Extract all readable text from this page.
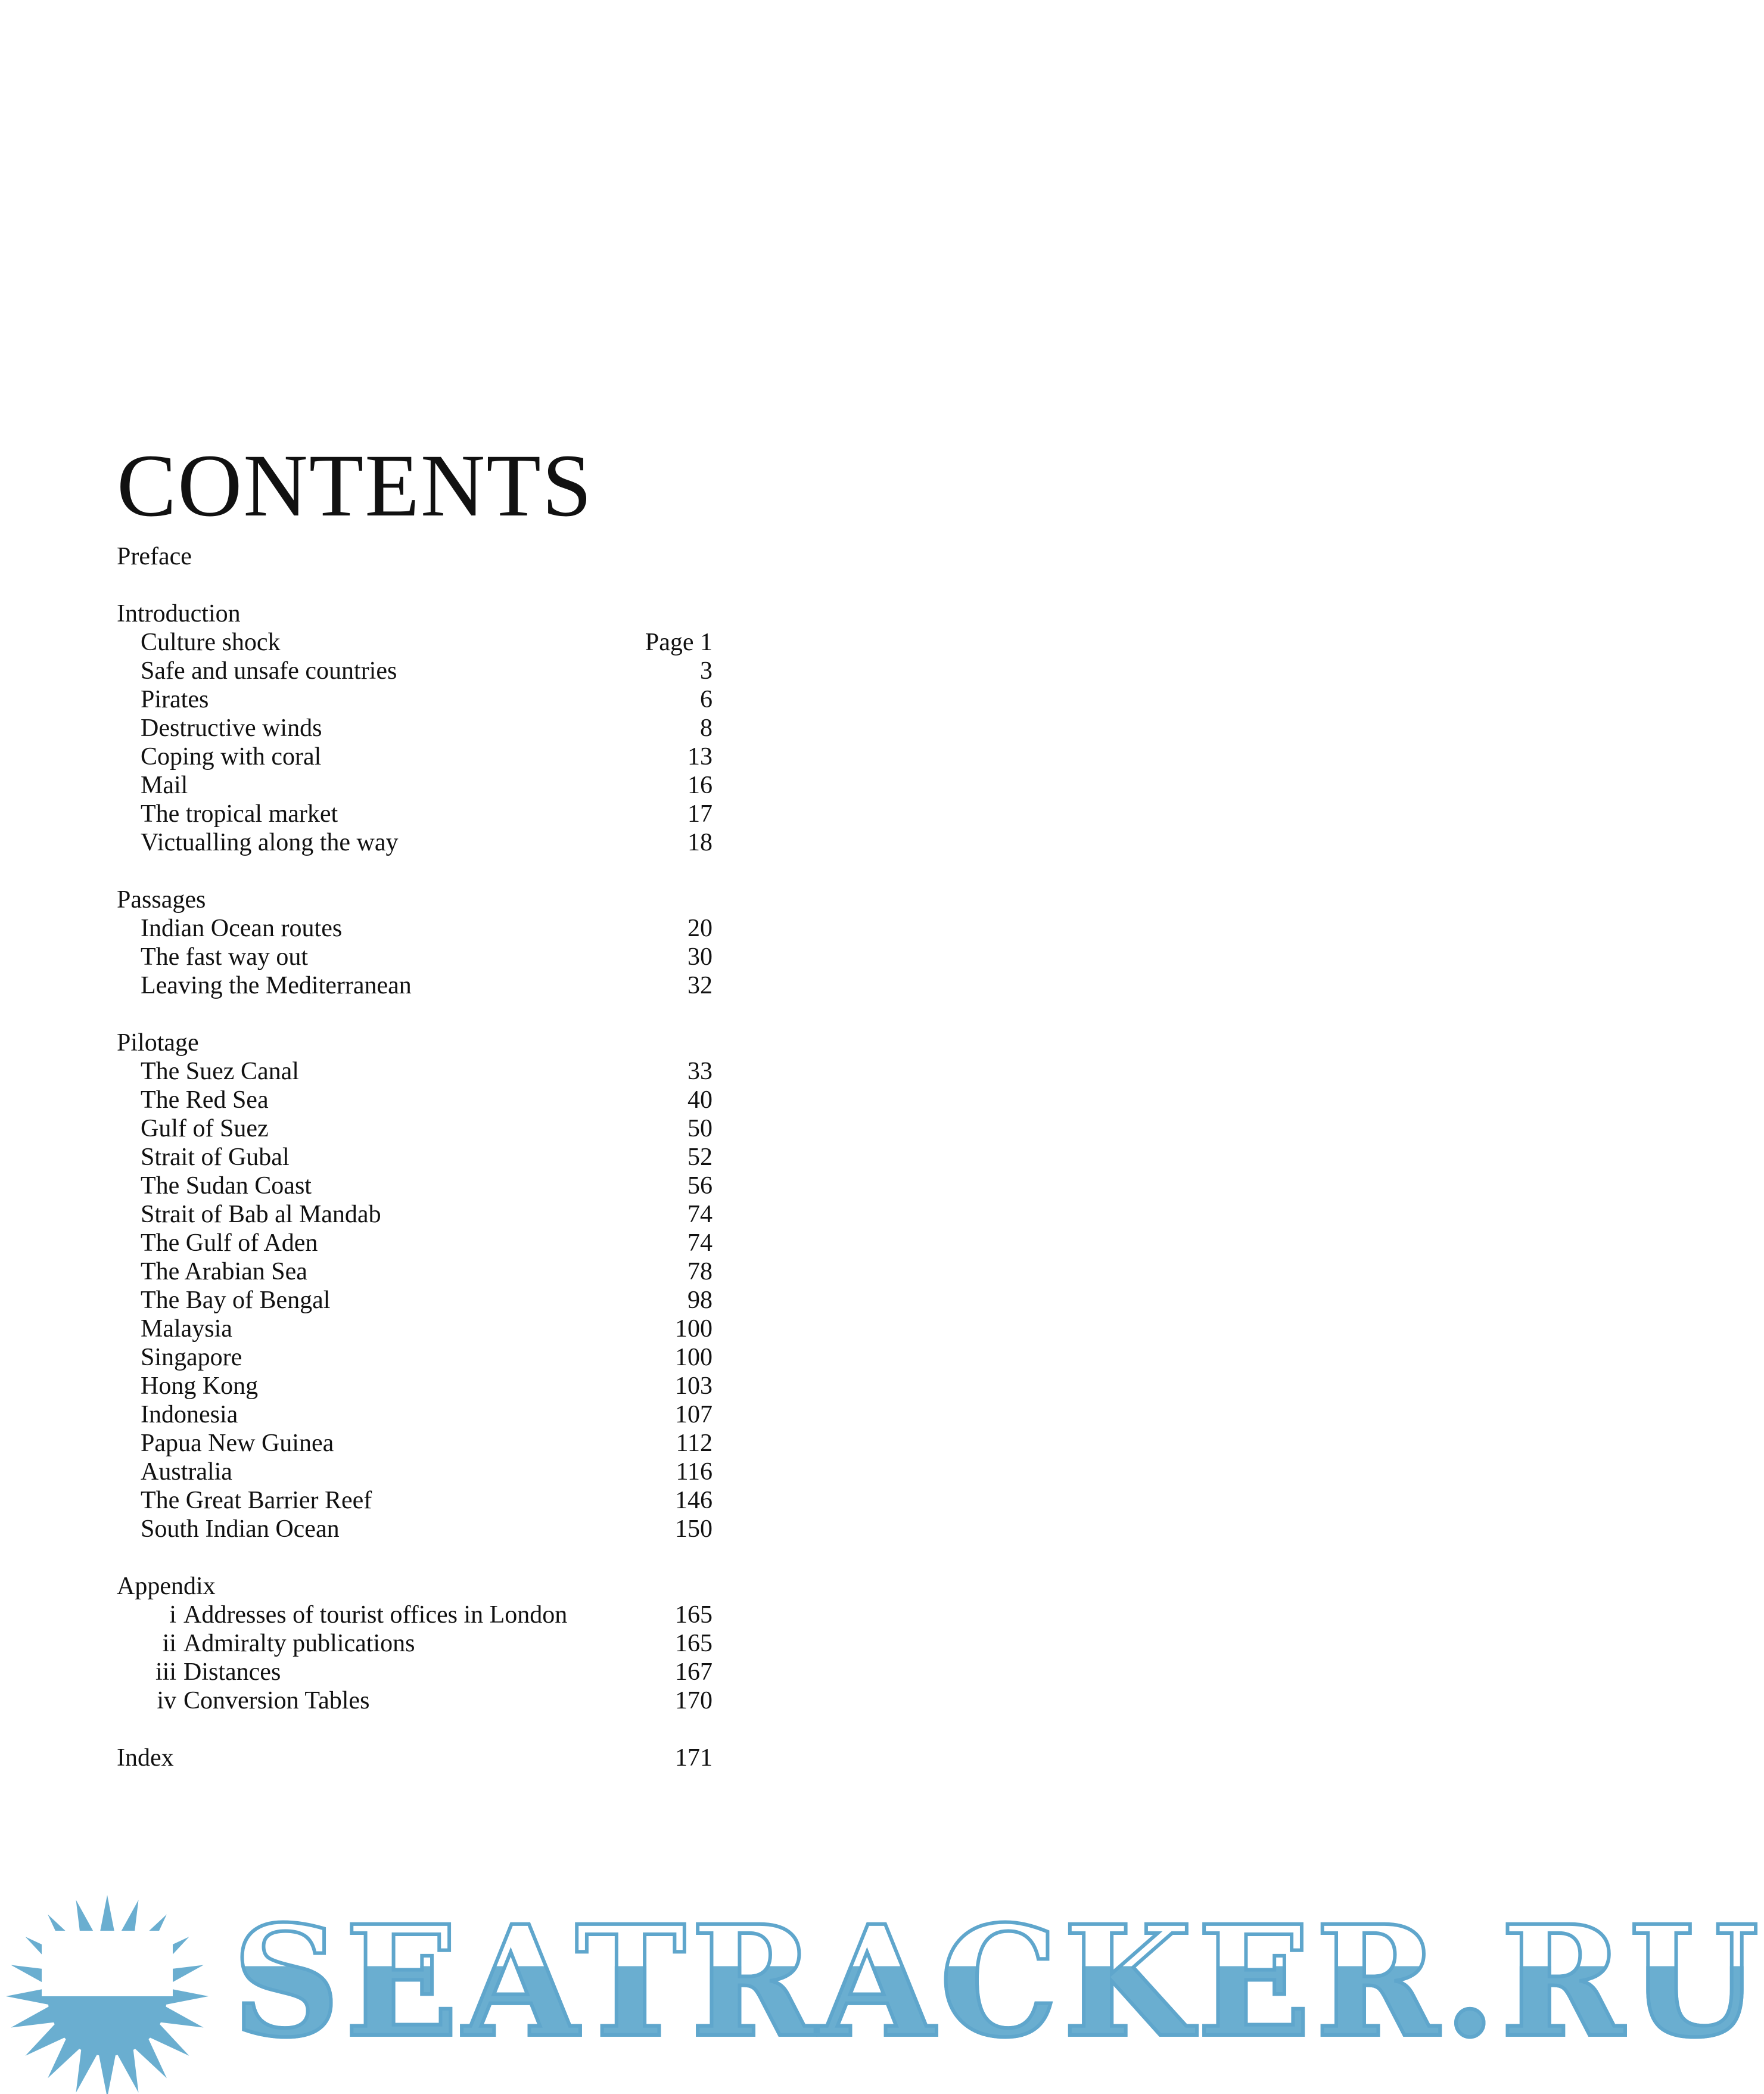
CONTENTS
Preface
Introduction
Culture shock	Page 1
Safe and unsafe countries	3
Pirates	6
Destructive winds	8
Coping with coral	13
Mail	16
The tropical market	17
Victualling along the way	18
Passages
Indian Ocean routes	20
The fast way out	30
Leaving the Mediterranean	32
Pilotage
The Suez Canal	33
The Red Sea	40
Gulf of Suez	50
Strait of Gubal	52
The Sudan Coast	56
Strait of Bab al Mandab	74
The Gulf of Aden	74
The Arabian Sea	78
The Bay of Bengal	98
Malaysia	100
Singapore	100
Hong Kong	103
Indonesia	107
Papua New Guinea	112
Australia	116
The Great Barrier Reef	146
South Indian Ocean	150
Appendix
i Addresses of tourist offices in London	165
ii Admiralty publications	165
iii Distances	167
iv Conversion Tables	170
Index	171
SEATRACKER.RU
